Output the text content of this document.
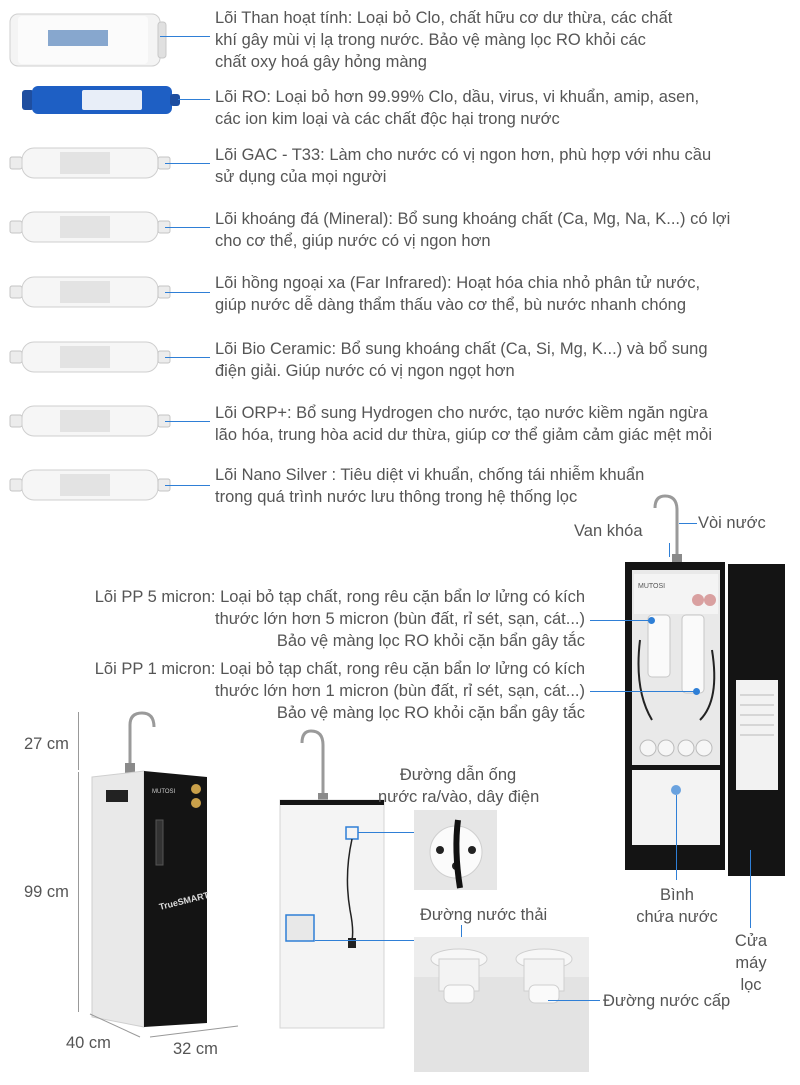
Lõi Than hoạt tính: Loại bỏ Clo, chất hữu cơ dư thừa, các chất
khí gây mùi vị lạ trong nước. Bảo vệ màng lọc RO khỏi các
chất oxy hoá gây hỏng màng
Lõi RO: Loại bỏ hơn 99.99% Clo, dầu, virus, vi khuẩn, amip, asen,
các ion kim loại và các chất độc hại trong nước
Lõi GAC - T33: Làm cho nước có vị ngon hơn, phù hợp với nhu cầu
sử dụng của mọi người
Lõi khoáng đá (Mineral): Bổ sung khoáng chất (Ca, Mg, Na, K...) có lợi
cho cơ thể, giúp nước có vị ngon hơn
Lõi hồng ngoại xa (Far Infrared): Hoạt hóa chia nhỏ phân tử nước,
giúp nước dễ dàng thẩm thấu vào cơ thể, bù nước nhanh chóng
Lõi Bio Ceramic: Bổ sung khoáng chất (Ca, Si, Mg, K...) và bổ sung
điện giải. Giúp nước có vị ngon ngọt hơn
Lõi ORP+: Bổ sung Hydrogen cho nước, tạo nước kiềm ngăn ngừa
lão hóa, trung hòa acid dư thừa, giúp cơ thể giảm cảm giác mệt mỏi
Lõi Nano Silver : Tiêu diệt vi khuẩn, chống tái nhiễm khuẩn
trong quá trình nước lưu thông trong hệ thống lọc
MUTOSI
Van khóa	Vòi nước
Bình
chứa nước
Cửa
máy
lọc
Lõi PP 5 micron: Loại bỏ tạp chất, rong rêu cặn bẩn lơ lửng có kích
thước lớn hơn 5 micron (bùn đất, rỉ sét, sạn, cát...)
Bảo vệ màng lọc RO khỏi cặn bẩn gây tắc
Lõi PP 1 micron: Loại bỏ tạp chất, rong rêu cặn bẩn lơ lửng có kích
thước lớn hơn 1 micron (bùn đất, rỉ sét, sạn, cát...)
Bảo vệ màng lọc RO khỏi cặn bẩn gây tắc
MUTOSI
TrueSMART
27 cm
99 cm
40 cm	32 cm
Đường dẫn ống
nước ra/vào, dây điện
Đường nước thải
Đường nước cấp
